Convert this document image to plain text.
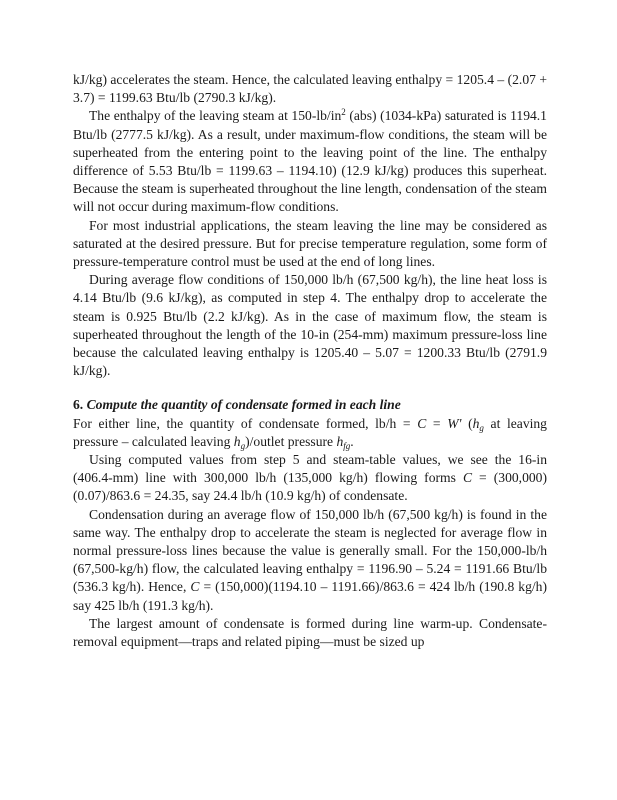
kJ/kg) accelerates the steam. Hence, the calculated leaving enthalpy = 1205.4 – (2.07 + 3.7) = 1199.63 Btu/lb (2790.3 kJ/kg).

The enthalpy of the leaving steam at $150-lb/in^2$ (abs) (1034-kPa) saturated is 1194.1 Btu/lb (2777.5 kJ/kg). As a result, under maximum-flow conditions, the steam will be superheated from the entering point to the leaving point of the line. The enthalpy difference of 5.53 Btu/lb = 1199.63 – 1194.10) (12.9 kJ/kg) produces this superheat. Because the steam is superheated throughout the line length, condensation of the steam will not occur during maximum-flow conditions.

For most industrial applications, the steam leaving the line may be considered as saturated at the desired pressure. But for precise temperature regulation, some form of pressure-temperature control must be used at the end of long lines.

During average flow conditions of 150,000 lb/h (67,500 kg/h), the line heat loss is 4.14 Btu/lb (9.6 kJ/kg), as computed in step 4. The enthalpy drop to accelerate the steam is 0.925 Btu/lb (2.2 kJ/kg). As in the case of maximum flow, the steam is superheated throughout the length of the 10-in (254-mm) maximum pressure-loss line because the calculated leaving enthalpy is 1205.40 – 5.07 = 1200.33 Btu/lb (2791.9 kJ/kg).

6. Compute the quantity of condensate formed in each line

For either line, the quantity of condensate formed, lb/h = C = W' ($h_g$ at leaving pressure – calculated leaving $h_g$)/outlet pressure $h_{fg}$.

Using computed values from step 5 and steam-table values, we see the 16-in (406.4-mm) line with 300,000 lb/h (135,000 kg/h) flowing forms C = (300,000)(0.07)/863.6 = 24.35, say 24.4 lb/h (10.9 kg/h) of condensate.

Condensation during an average flow of 150,000 lb/h (67,500 kg/h) is found in the same way. The enthalpy drop to accelerate the steam is neglected for average flow in normal pressure-loss lines because the value is generally small. For the 150,000-lb/h (67,500-kg/h) flow, the calculated leaving enthalpy = 1196.90 – 5.24 = 1191.66 Btu/lb (536.3 kg/h). Hence, C = (150,000)(1194.10 – 1191.66)/863.6 = 424 lb/h (190.8 kg/h) say 425 lb/h (191.3 kg/h).

The largest amount of condensate is formed during line warm-up. Condensate-removal equipment—traps and related piping—must be sized up
